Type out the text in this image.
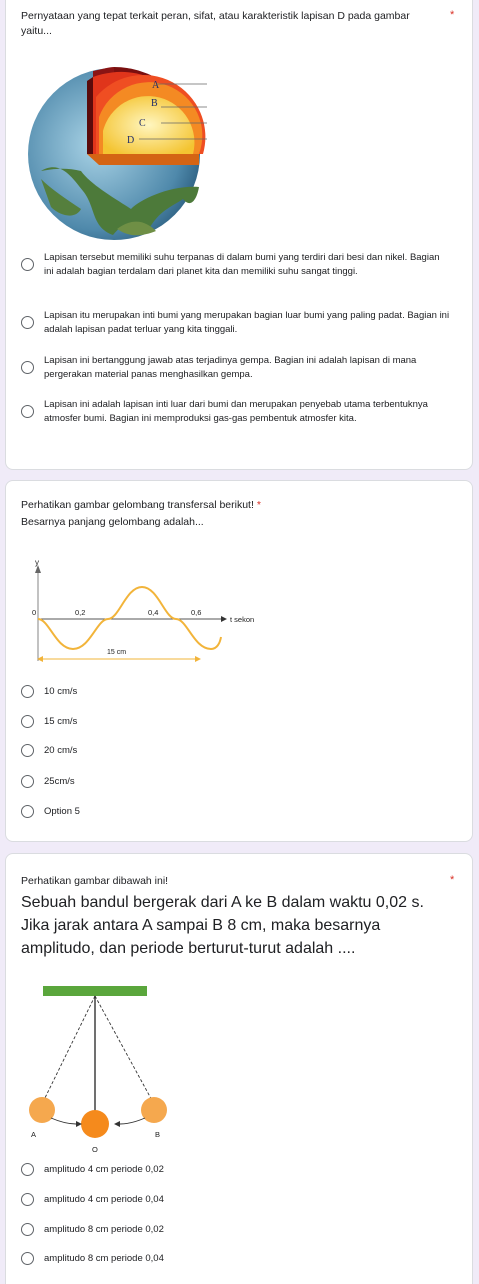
Pernyataan yang tepat terkait peran, sifat, atau karakteristik lapisan D pada gambar yaitu...
*
A
B
C
D
Lapisan tersebut memiliki suhu terpanas di dalam bumi yang terdiri dari besi dan nikel. Bagian ini adalah bagian terdalam dari planet kita dan memiliki suhu sangat tinggi.
Lapisan itu merupakan inti bumi yang merupakan bagian luar bumi yang paling padat. Bagian ini adalah lapisan padat terluar yang kita tinggali.
Lapisan ini bertanggung jawab atas terjadinya gempa. Bagian ini adalah lapisan di mana pergerakan material panas menghasilkan gempa.
Lapisan ini adalah lapisan inti luar dari bumi dan merupakan penyebab utama terbentuknya atmosfer bumi. Bagian ini memproduksi gas-gas pembentuk atmosfer kita.
Perhatikan gambar gelombang transfersal berikut! *
Besarnya panjang gelombang adalah...
y
0	0,2	0,4	0,6
t sekon
15 cm
10 cm/s
15 cm/s
20 cm/s
25cm/s
Option 5
Perhatikan gambar dibawah ini!	*
Sebuah bandul bergerak dari A ke B dalam waktu 0,02 s. Jika jarak antara A sampai B 8 cm, maka besarnya amplitudo, dan periode berturut-turut adalah ....
A
O
B
amplitudo 4 cm periode 0,02
amplitudo 4 cm periode 0,04
amplitudo 8 cm periode 0,02
amplitudo 8 cm periode 0,04
